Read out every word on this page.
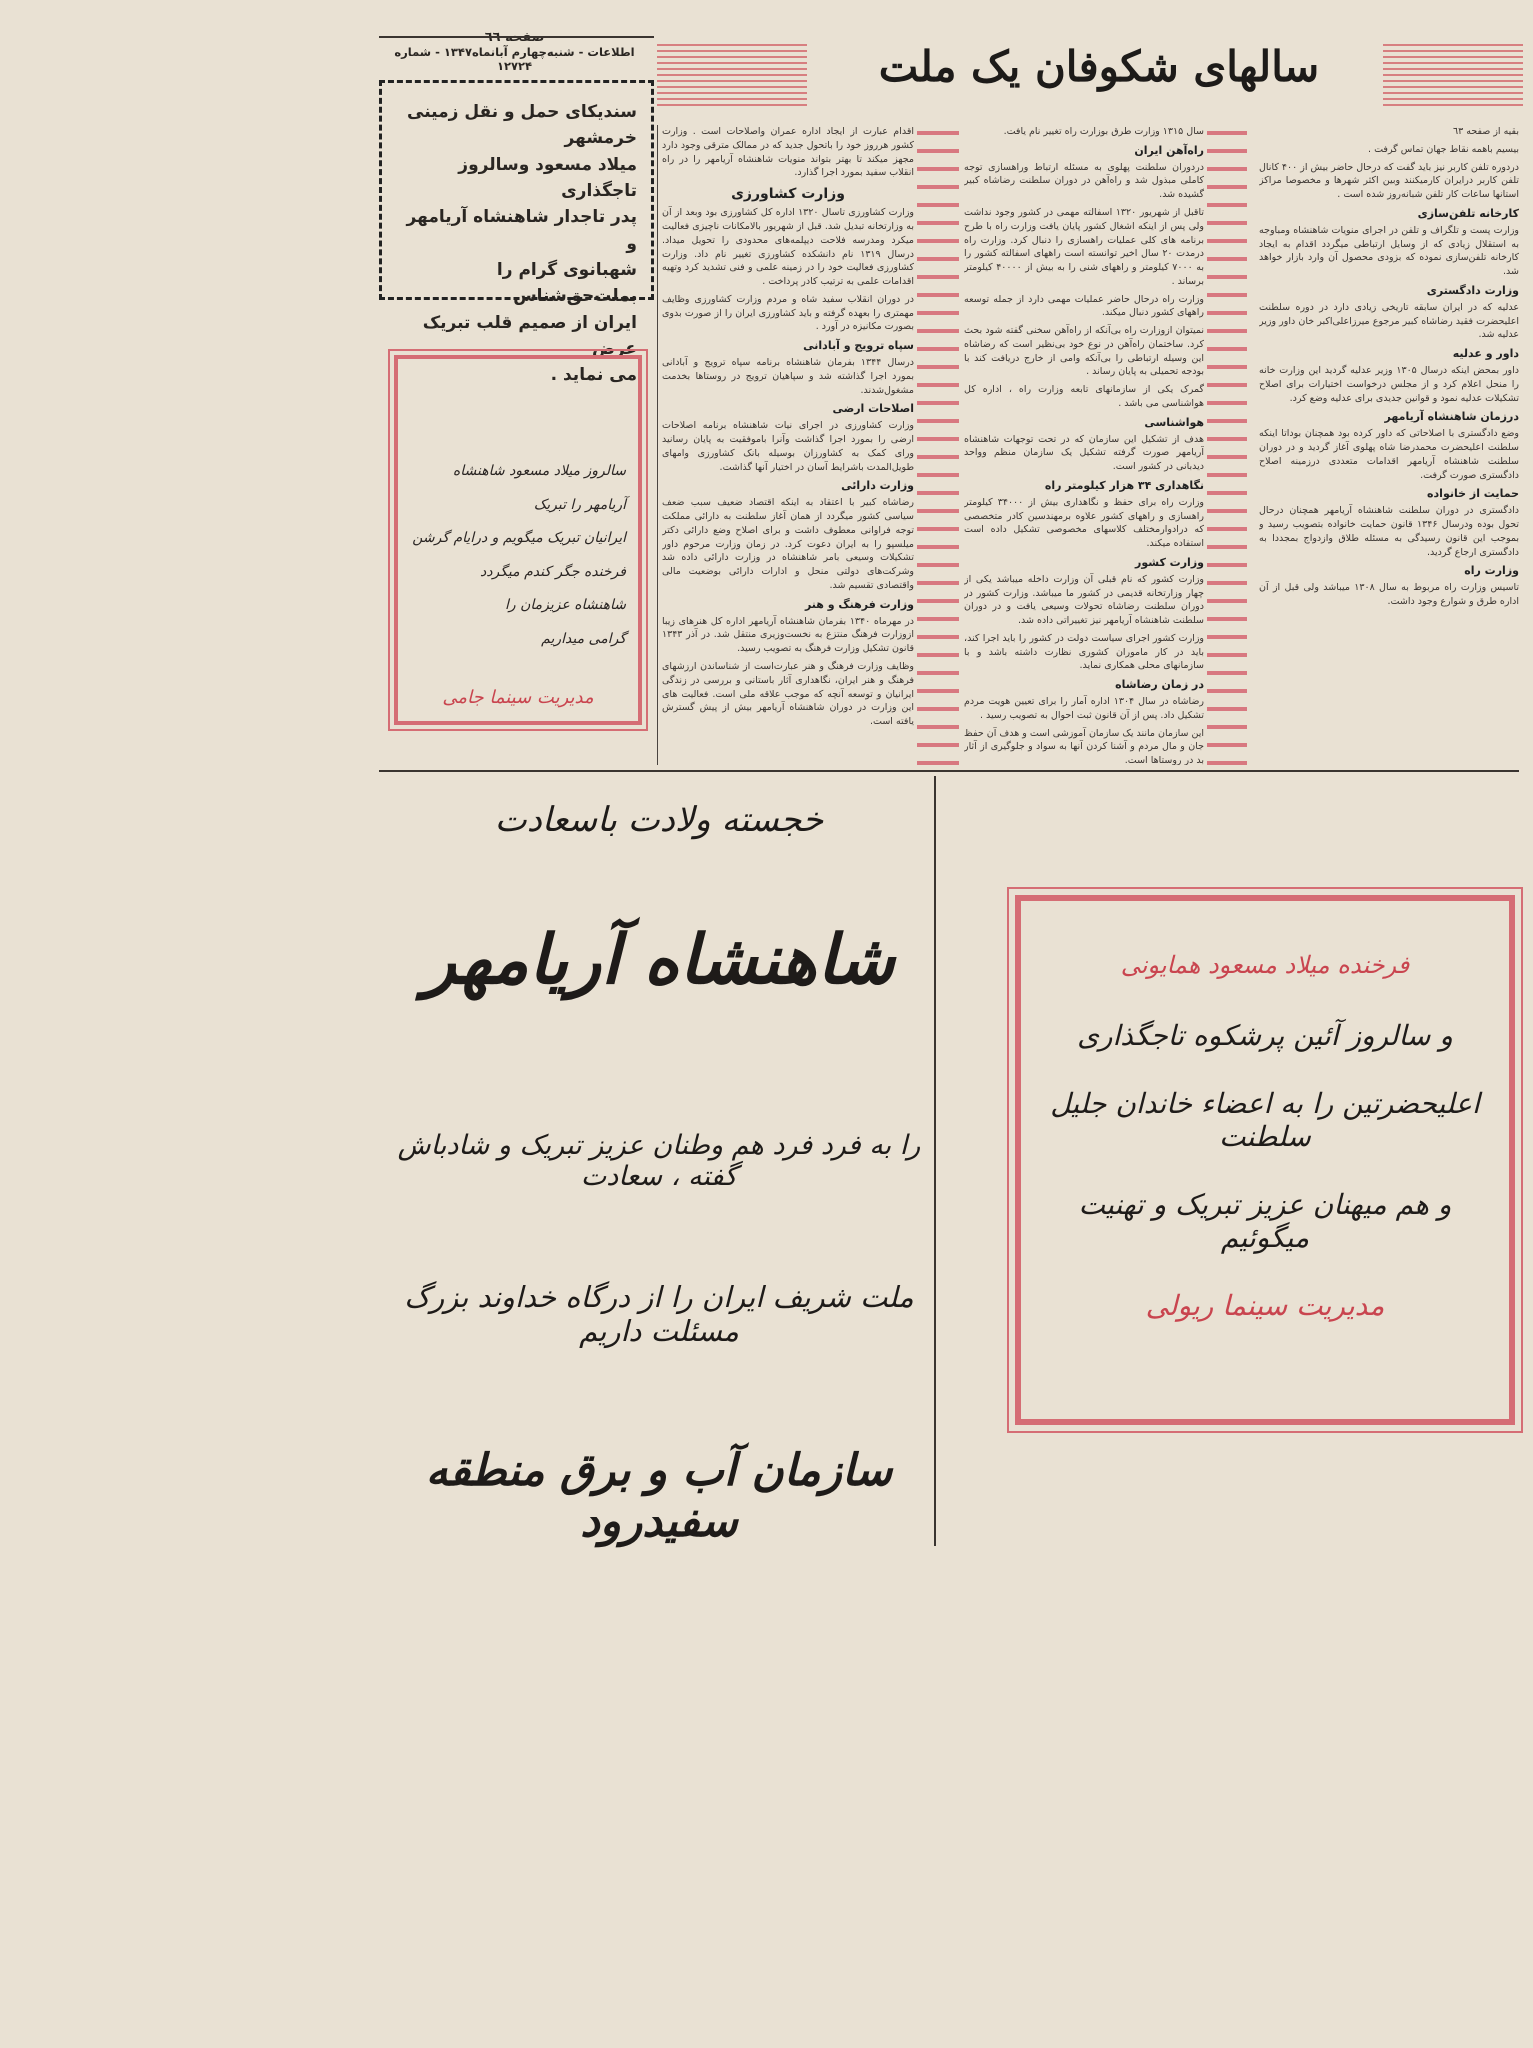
اطلاعات - شنبه‌چهارم آبانماه۱۳۴۷ - شماره ۱۲۷۲۴	سالهای شکوفان یک ملت
سندیکای حمل و نقل زمینی خرمشهر
میلاد مسعود وسالروز تاجگذاری
پدر تاجدار شاهنشاه آریامهر و
شهبانوی گرام را بملت‌حق‌شناس
ایران از صمیم قلب تبریک عرض
می نماید .

اقدام عبارت از ایجاد اداره عمران واصلاحات است . وزارت کشور هرروز خود را باتحول جدید که در ممالک مترقی وجود دارد مجهز میکند تا بهتر بتواند منویات شاهنشاه آریامهر را در راه انقلاب سفید بمورد اجرا گذارد.

وزارت کشاورزی

وزارت کشاورزی تاسال ۱۳۲۰ اداره کل کشاورزی بود وبعد از آن به وزارتخانه تبدیل شد. قبل از شهریور بالامکانات ناچیزی فعالیت میکرد ومدرسه فلاحت دیپلمه‌های محدودی را تحویل میداد. درسال ۱۳۱۹ نام دانشکده کشاورزی تغییر نام داد. وزارت کشاورزی فعالیت خود را در زمینه علمی و فنی تشدید کرد وتهیه اقدامات علمی به ترتیب کادر پرداخت .

در دوران انقلاب سفید شاه و مردم وزارت کشاورزی وظایف مهمتری را بعهده گرفته و باید کشاورزی ایران را از صورت بدوی بصورت مکانیزه در آورد .

سپاه ترویج و آبادانی

درسال ۱۳۴۴ بفرمان شاهنشاه برنامه سپاه ترویج و آبادانی بمورد اجرا گذاشته شد و سپاهیان ترویج در روستاها بخدمت مشغول‌شدند.

اصلاحات ارضی

وزارت کشاورزی در اجرای نیات شاهنشاه برنامه اصلاحات ارضی را بمورد اجرا گذاشت وآنرا باموفقیت به پایان رسانید ورای کمک به کشاورزان بوسیله بانک کشاورزی وامهای طویل‌المدت باشرایط آسان در اختیار آنها گذاشت.

وزارت دارائی

رضاشاه کبیر با اعتقاد به اینکه اقتصاد ضعیف سبب ضعف سیاسی کشور میگردد از همان آغاز سلطنت به دارائی مملکت توجه فراوانی معطوف داشت و برای اصلاح وضع دارائی دکتر میلسپو را به ایران دعوت کرد. در زمان وزارت مرحوم داور تشکیلات وسیعی بامر شاهنشاه در وزارت دارائی داده شد وشرکت‌های دولتی منحل و ادارات دارائی بوضعیت مالی واقتصادی تقسیم شد.

وزارت فرهنگ و هنر

در مهرماه ۱۳۴۰ بفرمان شاهنشاه آریامهر اداره کل هنرهای زیبا ازوزارت فرهنگ منتزع به نخست‌وزیری منتقل شد. در آذر ۱۳۴۳ قانون تشکیل وزارت فرهنگ به تصویب رسید.

وظایف وزارت فرهنگ و هنر عبارت‌است از شناساندن ارزشهای فرهنگ و هنر ایران، نگاهداری آثار باستانی و بررسی در زندگی ایرانیان و توسعه آنچه که موجب علاقه ملی است. فعالیت های این وزارت در دوران شاهنشاه آریامهر بیش از پیش گسترش یافته است.

سال ۱۳۱۵ وزارت طرق بوزارت راه تغییر نام یافت.

راه‌آهن ایران

دردوران سلطنت پهلوی به مسئله ارتباط وراهسازی توجه کاملی مبذول شد و راه‌آهن در دوران سلطنت رضاشاه کبیر گشیده شد.

تاقبل از شهریور ۱۳۲۰ اسفالته مهمی در کشور وجود نداشت ولی پس از اینکه اشغال کشور پایان یافت وزارت راه با طرح برنامه های کلی عملیات راهسازی را دنبال کرد. وزارت راه درمدت ۲۰ سال اخیر توانسته است راههای اسفالته کشور را به ۷۰۰۰ کیلومتر و راههای شنی را به بیش از ۴۰۰۰۰ کیلومتر برساند .

وزارت راه درحال حاضر عملیات مهمی دارد از جمله توسعه راههای کشور دنبال میکند.

نمیتوان ازوزارت راه بی‌آنکه از راه‌آهن سخنی گفته شود بحث کرد. ساختمان راه‌آهن در نوع خود بی‌نظیر است که رضاشاه این وسیله ارتباطی را بی‌آنکه وامی از خارج دریافت کند با بودجه تحمیلی به پایان رساند .

گمرک یکی از سازمانهای تابعه وزارت راه ، اداره کل هواشناسی می باشد .

هواشناسی

هدف از تشکیل این سازمان که در تحت توجهات شاهنشاه آریامهر صورت گرفته تشکیل یک سازمان منظم وواحد دیدبانی در کشور است.

نگاهداری ۳۴ هزار کیلومتر راه

وزارت راه برای حفظ و نگاهداری بیش از ۳۴۰۰۰ کیلومتر راهسازی و راههای کشور علاوه برمهندسین کادر متخصصی که درادوارمختلف کلاسهای مخصوصی تشکیل داده است استفاده میکند.

وزارت کشور

وزارت کشور که نام قبلی آن وزارت داخله میباشد یکی از چهار وزارتخانه قدیمی در کشور ما میباشد. وزارت کشور در دوران سلطنت رضاشاه تحولات وسیعی یافت و در دوران سلطنت شاهنشاه آریامهر نیز تغییراتی داده شد.

وزارت کشور اجرای سیاست دولت در کشور را باید اجرا کند، باید در کار ماموران کشوری نظارت داشته باشد و با سازمانهای محلی همکاری نماید.

در زمان رضاشاه

رضاشاه در سال ۱۳۰۴ اداره آمار را برای تعیین هویت مردم تشکیل داد. پس از آن قانون ثبت احوال به تصویب رسید .

این سازمان مانند یک سازمان آموزشی است و هدف آن حفظ جان و مال مردم و آشنا کردن آنها به سواد و جلوگیری از آثار بد در روستاها است.

بقیه از صفحه ٦٣

بیسیم باهمه نقاط جهان تماس گرفت .

دردوره تلفن کاربر نیز باید گفت که درحال حاضر بیش از ۴۰۰ کانال تلفن کاربر درایران کارمیکنند وبین اکثر شهرها و مخصوصا مراکز استانها ساعات کار تلفن شبانه‌روز شده است .

کارخانه تلفن‌سازی

وزارت پست و تلگراف و تلفن در اجرای منویات شاهنشاه ومباوجه به استقلال زیادی که از وسایل ارتباطی میگردد اقدام به ایجاد کارخانه تلفن‌سازی نموده که بزودی محصول آن وارد بازار خواهد شد.

وزارت دادگستری

عدلیه که در ایران سابقه تاریخی زیادی دارد در دوره سلطنت اعلیحضرت فقید رضاشاه کبیر مرجوع میرزاعلی‌اکبر خان داور وزیر عدلیه شد.

داور و عدلیه

داور بمحض اینکه درسال ۱۳۰۵ وزیر عدلیه گردید این وزارت خانه را منحل اعلام کرد و از مجلس درخواست اختیارات برای اصلاح تشکیلات عدلیه نمود و قوانین جدیدی برای عدلیه وضع کرد.

درزمان شاهنشاه آریامهر

وضع دادگستری با اصلاحاتی که داور کرده بود همچنان بوداتا اینکه سلطنت اعلیحضرت محمدرضا شاه پهلوی آغاز گردید و در دوران سلطنت شاهنشاه آریامهر اقدامات متعددی درزمینه اصلاح دادگستری صورت گرفت.

حمایت از خانواده

دادگستری در دوران سلطنت شاهنشاه آریامهر همچنان درحال تحول بوده ودرسال ۱۳۴۶ قانون حمایت خانواده بتصویب رسید و بموجب این قانون رسیدگی به مسئله طلاق وازدواج بمجددا به دادگستری ارجاع گردید.

وزارت راه

تاسیس وزارت راه مربوط به سال ۱۳۰۸ میباشد ولی قبل از آن اداره طرق و شوارع وجود داشت.

سالروز میلاد مسعود شاهنشاه آریامهر را تبریک
ایرانیان تبریک میگویم و درایام گرشن
فرخنده جگر کندم میگردد
شاهنشاه عزیزمان را
گرامی میداریم
مدیریت سینما جامی
خجسته ولادت باسعادت
شاهنشاه آریامهر
را به فرد فرد هم وطنان عزیز تبریک و شادباش گفته ، سعادت
ملت شریف ایران را از درگاه خداوند بزرگ مسئلت داریم
سازمان آب و برق منطقه سفیدرود
فرخنده میلاد مسعود همایونی
و سالروز آئین پرشکوه تاجگذاری
اعلیحضرتین را به اعضاء خاندان جلیل سلطنت
و هم میهنان عزیز تبریک و تهنیت میگوئیم
مدیریت سینما ریولی
